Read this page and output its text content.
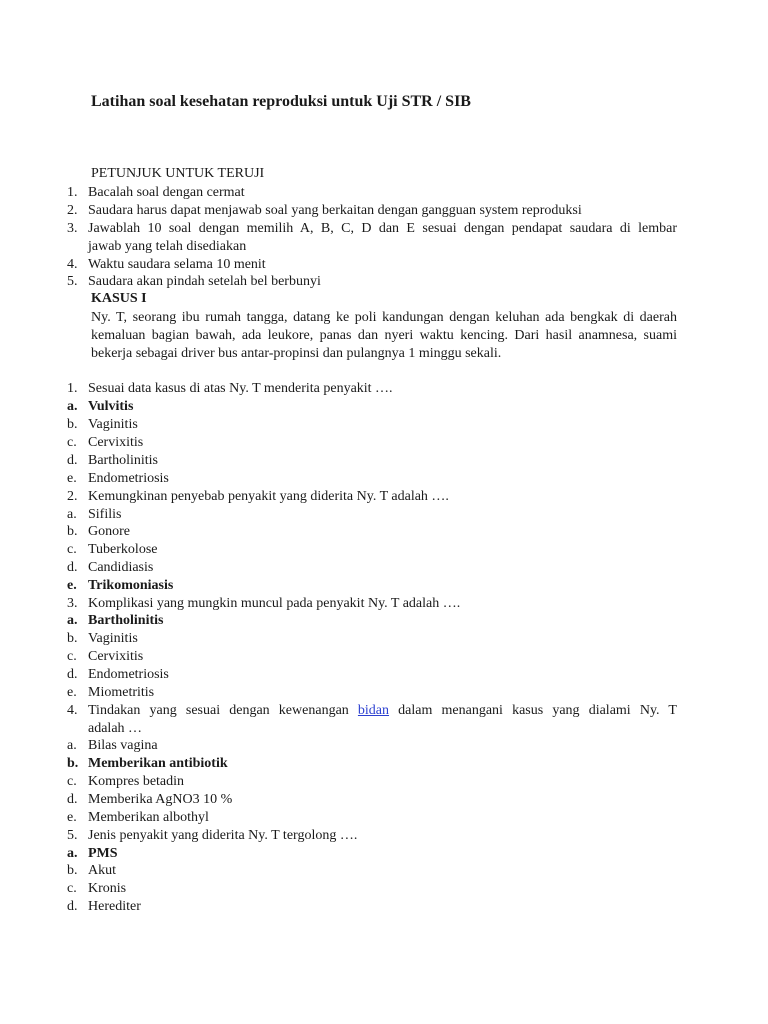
Latihan soal kesehatan reproduksi untuk Uji STR / SIB
PETUNJUK UNTUK TERUJI
1. Bacalah soal dengan cermat
2. Saudara harus dapat menjawab soal yang berkaitan dengan gangguan system reproduksi
3. Jawablah 10 soal dengan memilih A, B, C, D dan E sesuai dengan pendapat saudara di lembar
jawab yang telah disediakan
4. Waktu saudara selama 10 menit
5. Saudara akan pindah setelah bel berbunyi
KASUS I
Ny. T, seorang ibu rumah tangga, datang ke poli kandungan dengan keluhan ada bengkak di daerah kemaluan bagian bawah, ada leukore, panas dan nyeri waktu kencing. Dari hasil anamnesa, suami bekerja sebagai driver bus antar-propinsi dan pulangnya 1 minggu sekali.
1. Sesuai data kasus di atas Ny. T menderita penyakit ….
a. Vulvitis
b. Vaginitis
c. Cervixitis
d. Bartholinitis
e. Endometriosis
2. Kemungkinan penyebab penyakit yang diderita Ny. T adalah ….
a. Sifilis
b. Gonore
c. Tuberkolose
d. Candidiasis
e. Trikomoniasis
3. Komplikasi yang mungkin muncul pada penyakit Ny. T adalah ….
a. Bartholinitis
b. Vaginitis
c. Cervixitis
d. Endometriosis
e. Miometritis
4. Tindakan yang sesuai dengan kewenangan bidan dalam menangani kasus yang dialami Ny. T
adalah …
a. Bilas vagina
b. Memberikan antibiotik
c. Kompres betadin
d. Memberika AgNO3 10 %
e. Memberikan albothyl
5. Jenis penyakit yang diderita Ny. T tergolong ….
a. PMS
b. Akut
c. Kronis
d. Herediter
